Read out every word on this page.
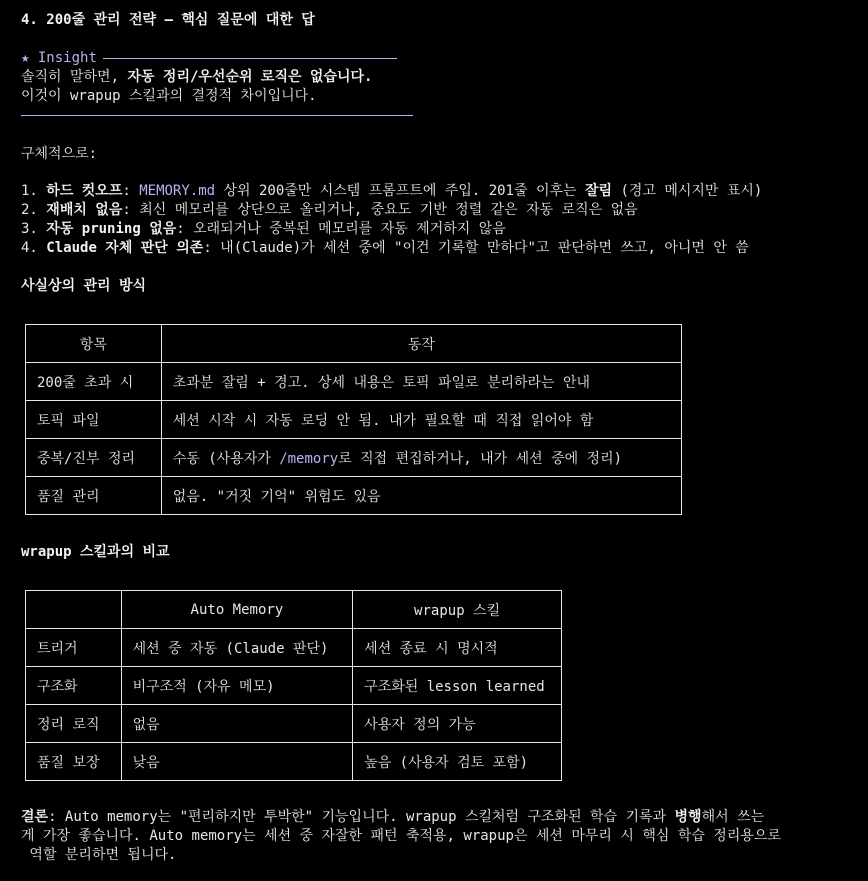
4. 200줄 관리 전략 — 핵심 질문에 대한 답
★ Insight
솔직히 말하면, 자동 정리/우선순위 로직은 없습니다.
이것이 wrapup 스킬과의 결정적 차이입니다.
구체적으로:
1. 하드 컷오프: MEMORY.md 상위 200줄만 시스템 프롬프트에 주입. 201줄 이후는 잘림 (경고 메시지만 표시)
2. 재배치 없음: 최신 메모리를 상단으로 올리거나, 중요도 기반 정렬 같은 자동 로직은 없음
3. 자동 pruning 없음: 오래되거나 중복된 메모리를 자동 제거하지 않음
4. Claude 자체 판단 의존: 내(Claude)가 세션 중에 "이건 기록할 만하다"고 판단하면 쓰고, 아니면 안 씀
사실상의 관리 방식
항목	동작
200줄 초과 시	초과분 잘림 + 경고. 상세 내용은 토픽 파일로 분리하라는 안내
토픽 파일	세션 시작 시 자동 로딩 안 됨. 내가 필요할 때 직접 읽어야 함
중복/진부 정리	수동 (사용자가 /memory로 직접 편집하거나, 내가 세션 중에 정리)
품질 관리	없음. "거짓 기억" 위험도 있음
wrapup 스킬과의 비교
	Auto Memory	wrapup 스킬
트리거	세션 중 자동 (Claude 판단)	세션 종료 시 명시적
구조화	비구조적 (자유 메모)	구조화된 lesson learned
정리 로직	없음	사용자 정의 가능
품질 보장	낮음	높음 (사용자 검토 포함)
결론: Auto memory는 "편리하지만 투박한" 기능입니다. wrapup 스킬처럼 구조화된 학습 기록과 병행해서 쓰는
게 가장 좋습니다. Auto memory는 세션 중 자잘한 패턴 축적용, wrapup은 세션 마무리 시 핵심 학습 정리용으로
역할 분리하면 됩니다.
